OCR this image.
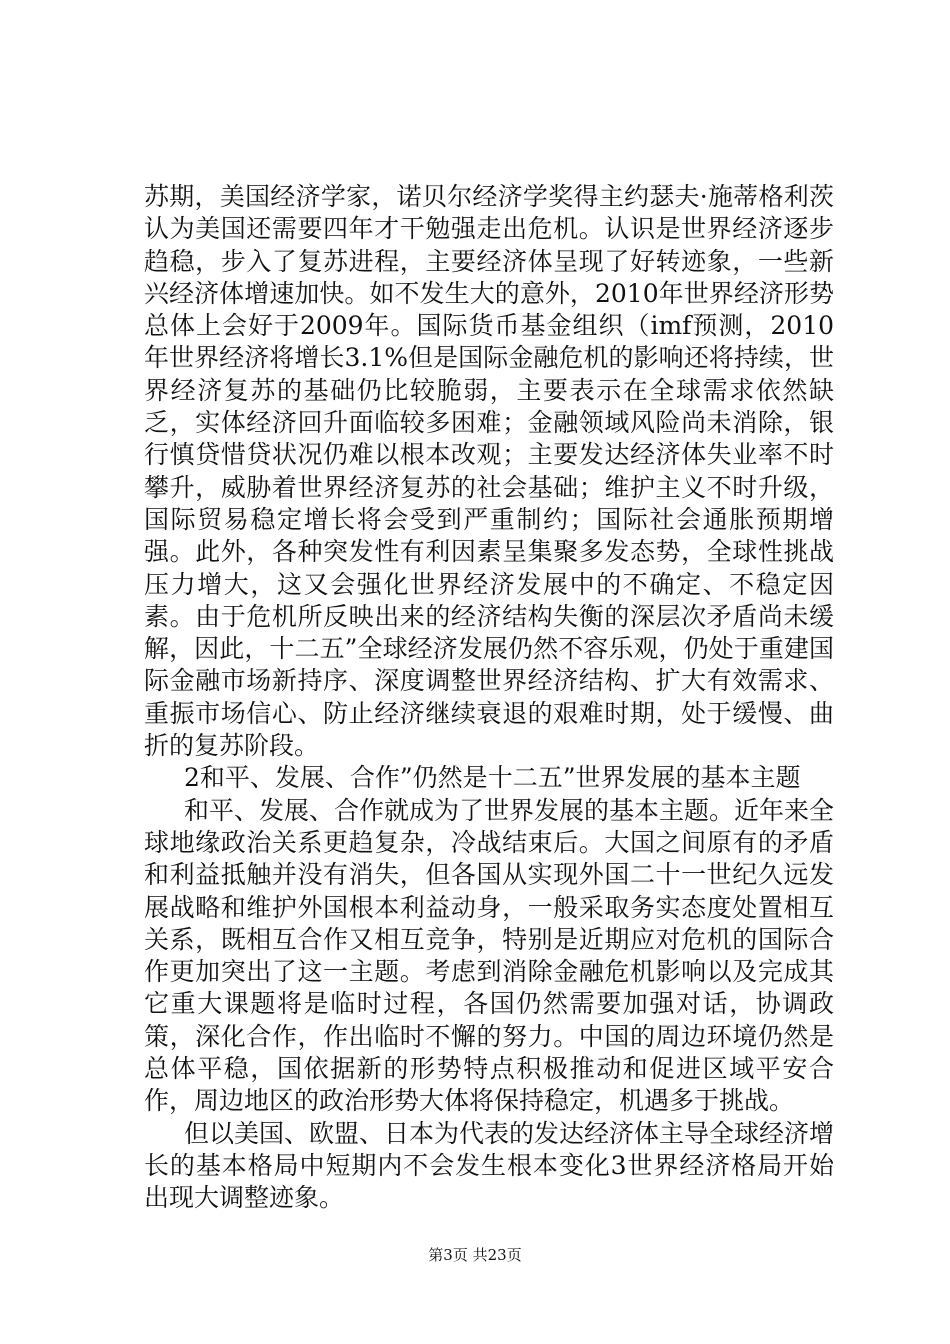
苏期，美国经济学家，诺贝尔经济学奖得主约瑟夫·施蒂格利茨认为美国还需要四年才干勉强走出危机。认识是世界经济逐步趋稳，步入了复苏进程，主要经济体呈现了好转迹象，一些新兴经济体增速加快。如不发生大的意外，2010年世界经济形势总体上会好于2009年。国际货币基金组织（imf预测，2010年世界经济将增长3.1%但是国际金融危机的影响还将持续，世界经济复苏的基础仍比较脆弱，主要表示在全球需求依然缺乏，实体经济回升面临较多困难；金融领域风险尚未消除，银行慎贷惜贷状况仍难以根本改观；主要发达经济体失业率不时攀升，威胁着世界经济复苏的社会基础；维护主义不时升级，国际贸易稳定增长将会受到严重制约；国际社会通胀预期增强。此外，各种突发性有利因素呈集聚多发态势，全球性挑战压力增大，这又会强化世界经济发展中的不确定、不稳定因素。由于危机所反映出来的经济结构失衡的深层次矛盾尚未缓解，因此，十二五”全球经济发展仍然不容乐观，仍处于重建国际金融市场新持序、深度调整世界经济结构、扩大有效需求、重振市场信心、防止经济继续衰退的艰难时期，处于缓慢、曲折的复苏阶段。

2和平、发展、合作”仍然是十二五”世界发展的基本主题

和平、发展、合作就成为了世界发展的基本主题。近年来全球地缘政治关系更趋复杂，冷战结束后。大国之间原有的矛盾和利益抵触并没有消失，但各国从实现外国二十一世纪久远发展战略和维护外国根本利益动身，一般采取务实态度处置相互关系，既相互合作又相互竞争，特别是近期应对危机的国际合作更加突出了这一主题。考虑到消除金融危机影响以及完成其它重大课题将是临时过程，各国仍然需要加强对话，协调政策，深化合作，作出临时不懈的努力。中国的周边环境仍然是总体平稳，国依据新的形势特点积极推动和促进区域平安合作，周边地区的政治形势大体将保持稳定，机遇多于挑战。

但以美国、欧盟、日本为代表的发达经济体主导全球经济增长的基本格局中短期内不会发生根本变化3世界经济格局开始出现大调整迹象。

第3页 共23页
